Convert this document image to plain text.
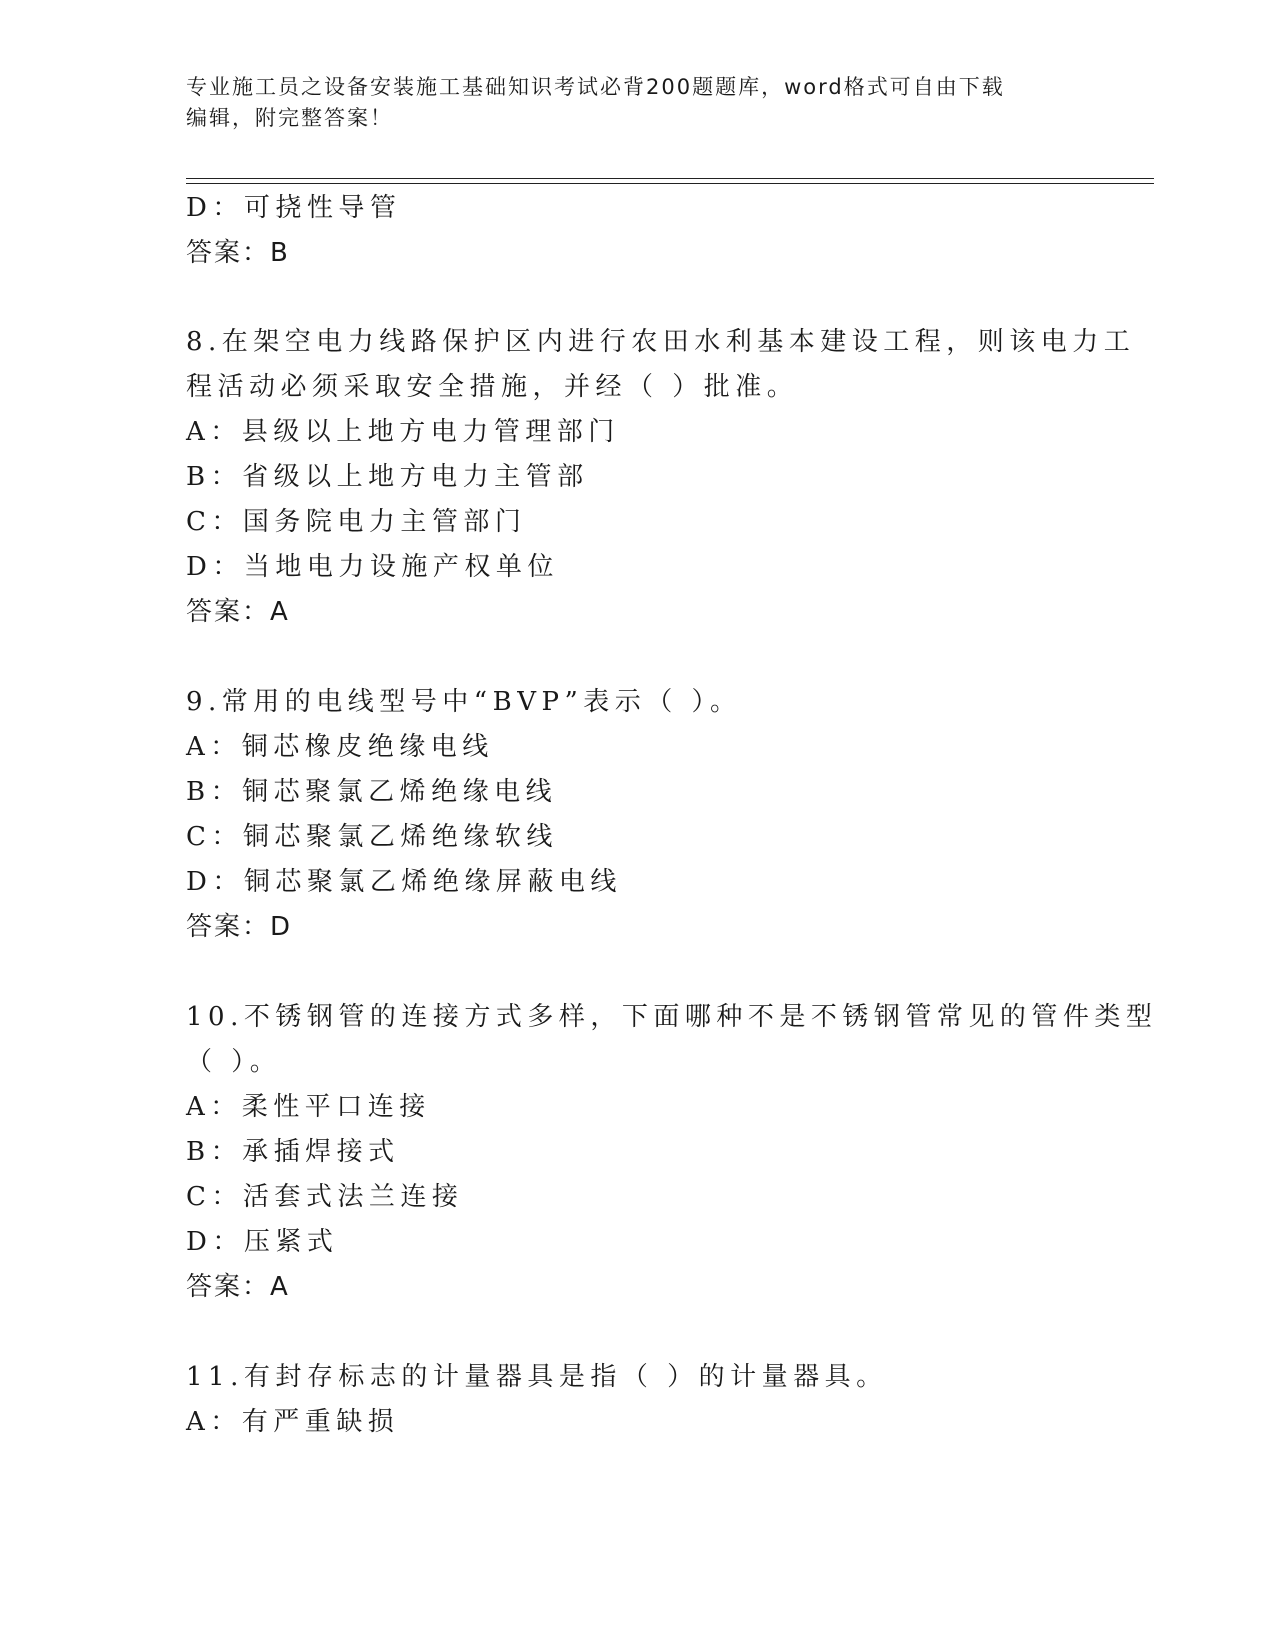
专业施工员之设备安装施工基础知识考试必背200题题库，word格式可自由下载
编辑，附完整答案！
D：可挠性导管
答案：B
8.在架空电力线路保护区内进行农田水利基本建设工程，则该电力工
程活动必须采取安全措施，并经（ ）批准。
A：县级以上地方电力管理部门
B：省级以上地方电力主管部
C：国务院电力主管部门
D：当地电力设施产权单位
答案：A
9.常用的电线型号中“BVP”表示（ ）。
A：铜芯橡皮绝缘电线
B：铜芯聚氯乙烯绝缘电线
C：铜芯聚氯乙烯绝缘软线
D：铜芯聚氯乙烯绝缘屏蔽电线
答案：D
10.不锈钢管的连接方式多样，下面哪种不是不锈钢管常见的管件类型
（ ）。
A：柔性平口连接
B：承插焊接式
C：活套式法兰连接
D：压紧式
答案：A
11.有封存标志的计量器具是指（ ）的计量器具。
A：有严重缺损
